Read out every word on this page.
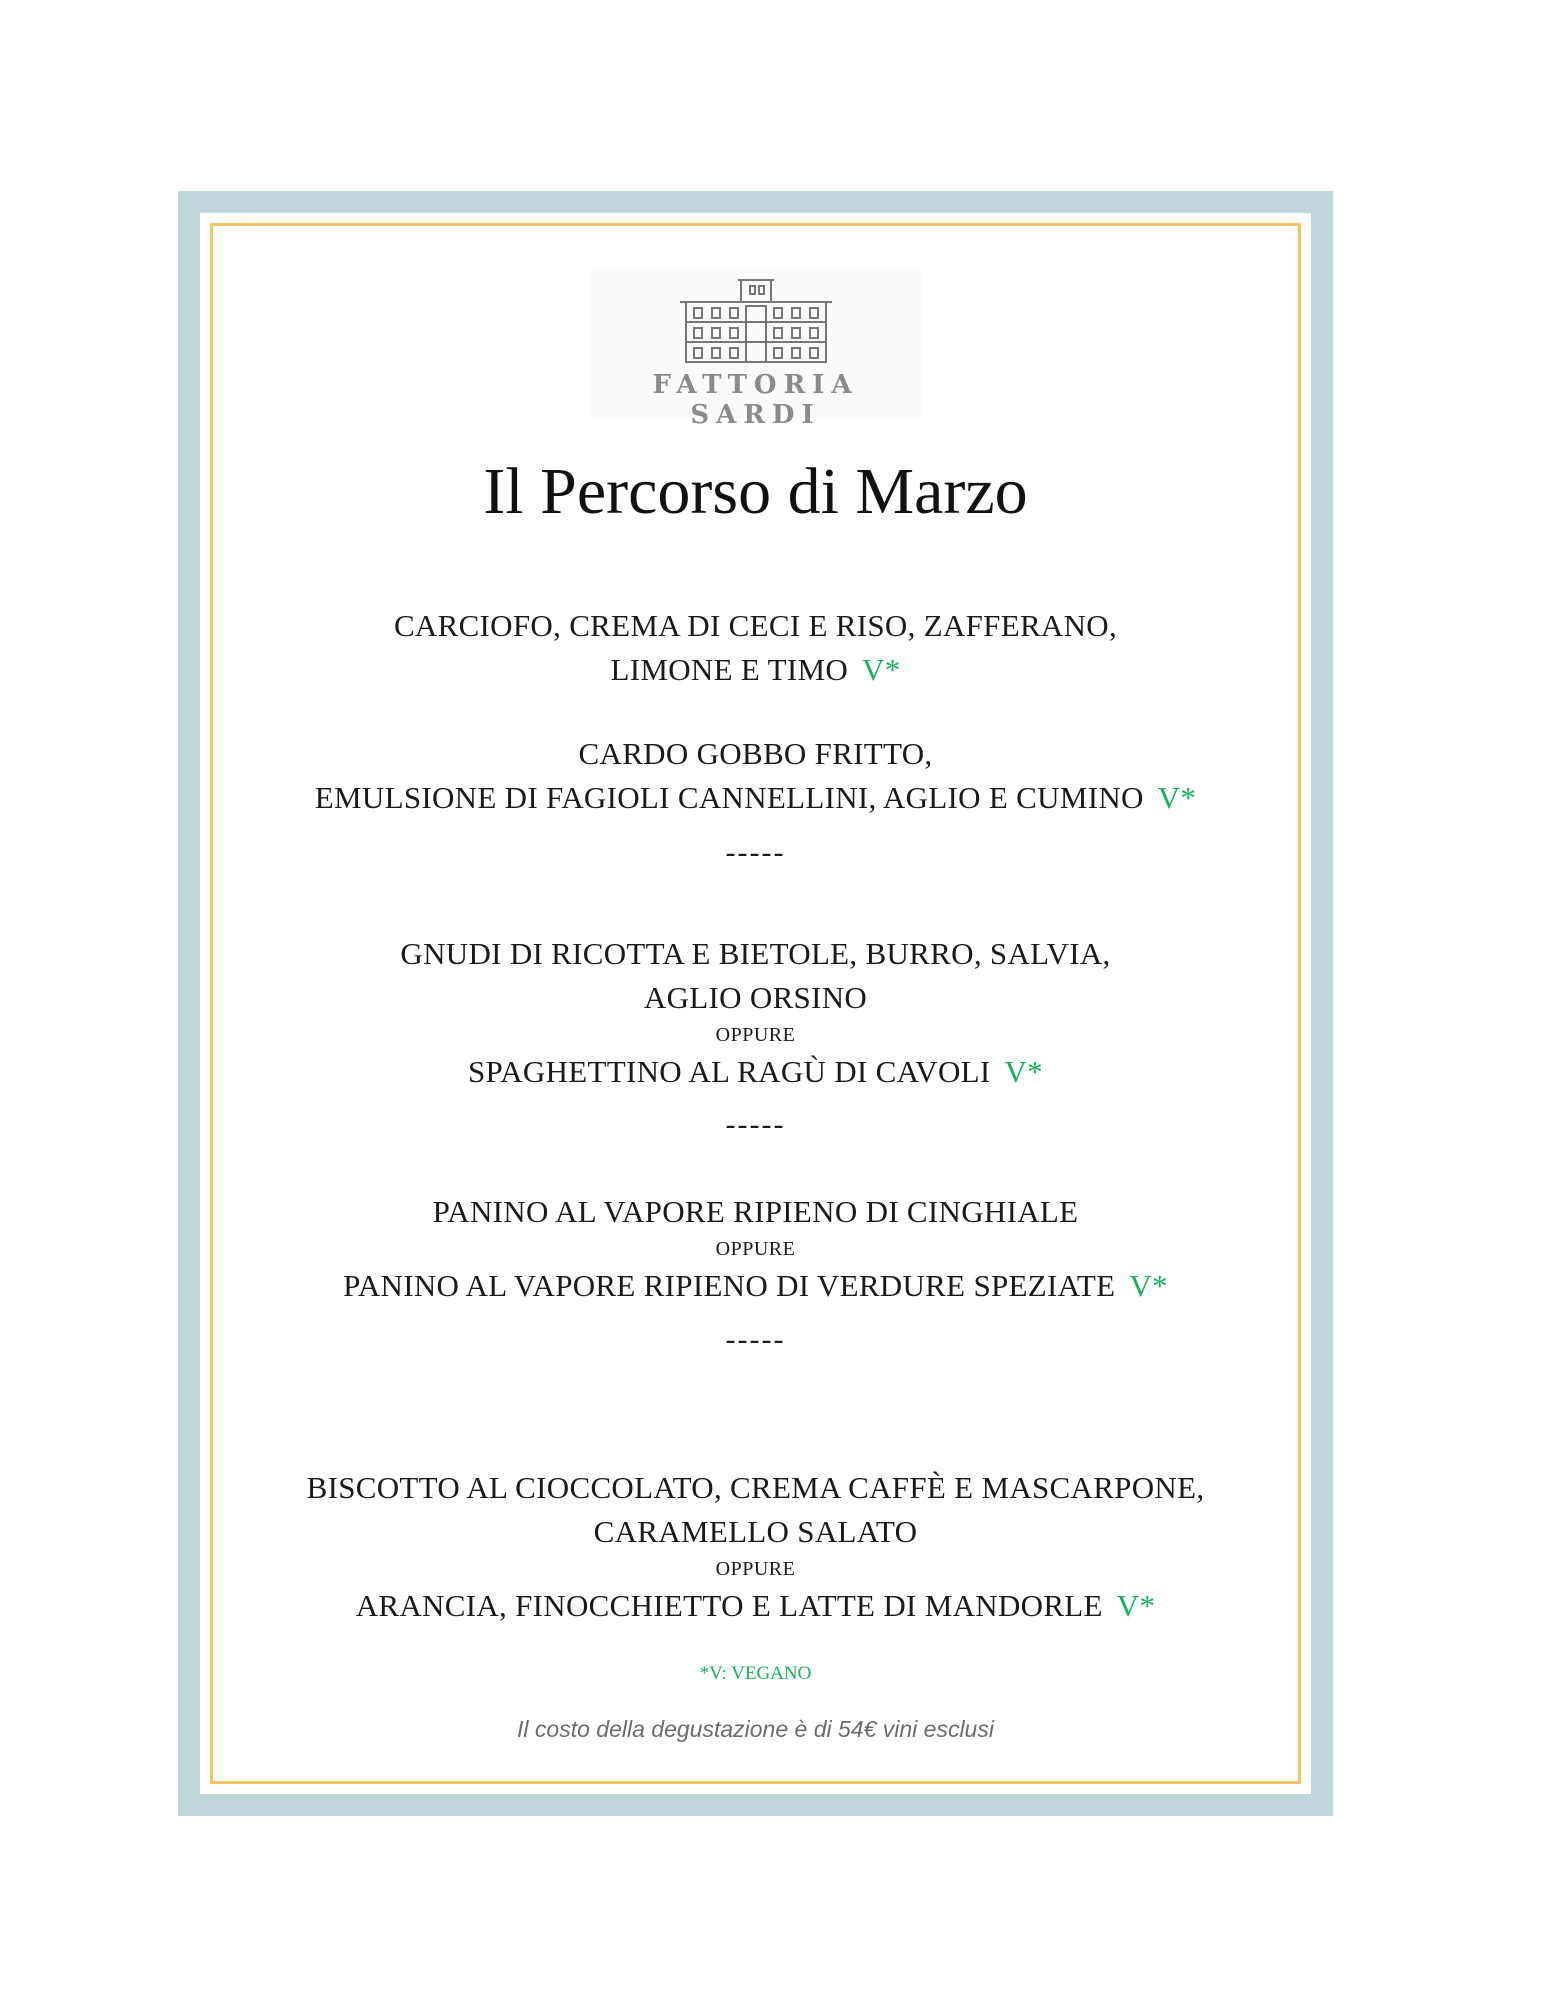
FATTORIA SARDI
Il Percorso di Marzo
CARCIOFO, CREMA DI CECI E RISO, ZAFFERANO,
LIMONE E TIMO V*
CARDO GOBBO FRITTO,
EMULSIONE DI FAGIOLI CANNELLINI, AGLIO E CUMINO V*
-----
GNUDI DI RICOTTA E BIETOLE, BURRO, SALVIA,
AGLIO ORSINO
OPPURE
SPAGHETTINO AL RAGÙ DI CAVOLI V*
-----
PANINO AL VAPORE RIPIENO DI CINGHIALE
OPPURE
PANINO AL VAPORE RIPIENO DI VERDURE SPEZIATE V*
-----
BISCOTTO AL CIOCCOLATO, CREMA CAFFÈ E MASCARPONE,
CARAMELLO SALATO
OPPURE
ARANCIA, FINOCCHIETTO E LATTE DI MANDORLE V*
*V: VEGANO
Il costo della degustazione è di 54€ vini esclusi
